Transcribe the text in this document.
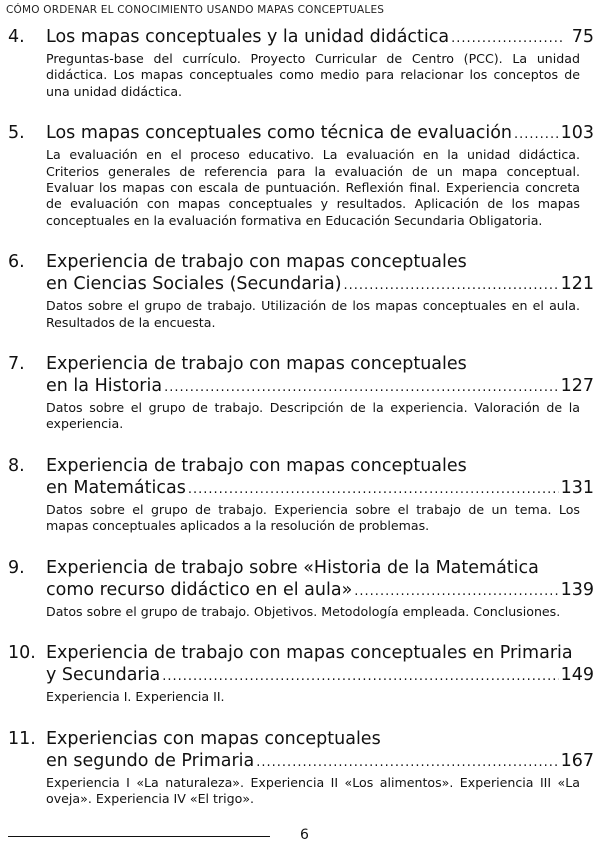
CÓMO ORDENAR EL CONOCIMIENTO USANDO MAPAS CONCEPTUALES
4.	Los mapas conceptuales y la unidad didáctica .....	75
Preguntas-base del currículo. Proyecto Curricular de Centro (PCC). La unidad didáctica. Los mapas conceptuales como medio para relacionar los conceptos de una unidad didáctica.
5.	Los mapas conceptuales como técnica de evaluación .....	103
La evaluación en el proceso educativo. La evaluación en la unidad didáctica. Criterios generales de referencia para la evaluación de un mapa conceptual. Evaluar los mapas con escala de puntuación. Reflexión final. Experiencia concreta de evaluación con mapas conceptuales y resultados. Aplicación de los mapas conceptuales en la evaluación formativa en Educación Secundaria Obligatoria.
6.	Experiencia de trabajo con mapas conceptuales
en Ciencias Sociales (Secundaria) .....	121
Datos sobre el grupo de trabajo. Utilización de los mapas conceptuales en el aula. Resultados de la encuesta.
7.	Experiencia de trabajo con mapas conceptuales
en la Historia .....	127
Datos sobre el grupo de trabajo. Descripción de la experiencia. Valoración de la experiencia.
8.	Experiencia de trabajo con mapas conceptuales
en Matemáticas .....	131
Datos sobre el grupo de trabajo. Experiencia sobre el trabajo de un tema. Los mapas conceptuales aplicados a la resolución de problemas.
9.	Experiencia de trabajo sobre «Historia de la Matemática
como recurso didáctico en el aula» .....	139
Datos sobre el grupo de trabajo. Objetivos. Metodología empleada. Conclusiones.
10. Experiencia de trabajo con mapas conceptuales en Primaria
y Secundaria .....	149
Experiencia I. Experiencia II.
11. Experiencias con mapas conceptuales
en segundo de Primaria .....	167
Experiencia I «La naturaleza». Experiencia II «Los alimentos». Experiencia III «La oveja». Experiencia IV «El trigo».
6
